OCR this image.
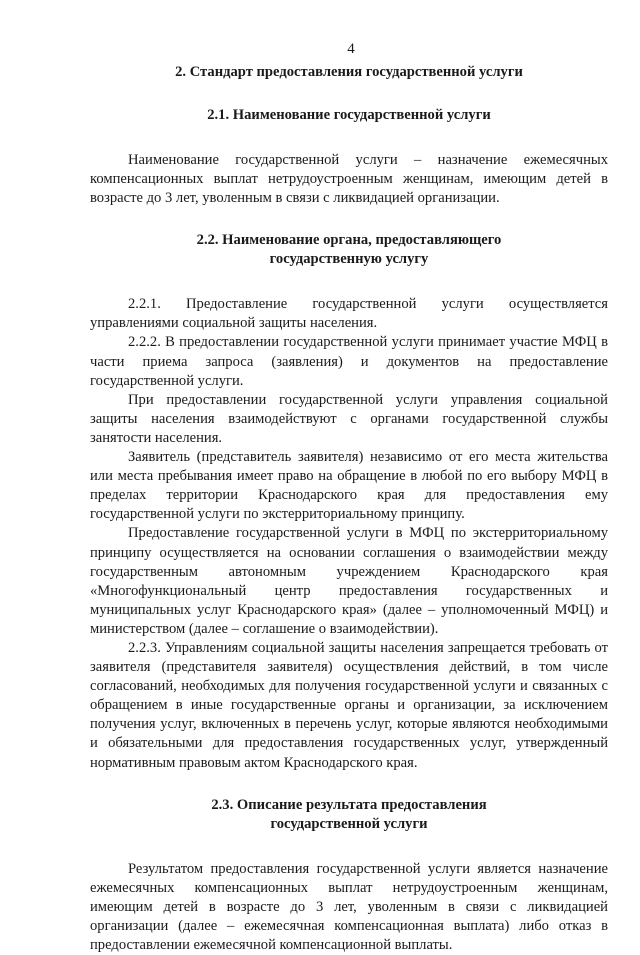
4
2. Стандарт предоставления государственной услуги
2.1. Наименование государственной услуги

Наименование государственной услуги – назначение ежемесячных компенсационных выплат нетрудоустроенным женщинам, имеющим детей в возрасте до 3 лет, уволенным в связи с ликвидацией организации.

2.2. Наименование органа, предоставляющего
государственную услугу

2.2.1. Предоставление государственной услуги осуществляется управлениями социальной защиты населения.

2.2.2. В предоставлении государственной услуги принимает участие МФЦ в части приема запроса (заявления) и документов на предоставление государственной услуги.

При предоставлении государственной услуги управления социальной защиты населения взаимодействуют с органами государственной службы занятости населения.

Заявитель (представитель заявителя) независимо от его места жительства или места пребывания имеет право на обращение в любой по его выбору МФЦ в пределах территории Краснодарского края для предоставления ему государственной услуги по экстерриториальному принципу.

Предоставление государственной услуги в МФЦ по экстерриториальному принципу осуществляется на основании соглашения о взаимодействии между государственным автономным учреждением Краснодарского края «Многофункциональный центр предоставления государственных и муниципальных услуг Краснодарского края» (далее – уполномоченный МФЦ) и министерством (далее – соглашение о взаимодействии).

2.2.3. Управлениям социальной защиты населения запрещается требовать от заявителя (представителя заявителя) осуществления действий, в том числе согласований, необходимых для получения государственной услуги и связанных с обращением в иные государственные органы и организации, за исключением получения услуг, включенных в перечень услуг, которые являются необходимыми и обязательными для предоставления государственных услуг, утвержденный нормативным правовым актом Краснодарского края.

2.3. Описание результата предоставления
государственной услуги

Результатом предоставления государственной услуги является назначение ежемесячных компенсационных выплат нетрудоустроенным женщинам, имеющим детей в возрасте до 3 лет, уволенным в связи с ликвидацией организации (далее – ежемесячная компенсационная выплата) либо отказ в предоставлении ежемесячной компенсационной выплаты.
